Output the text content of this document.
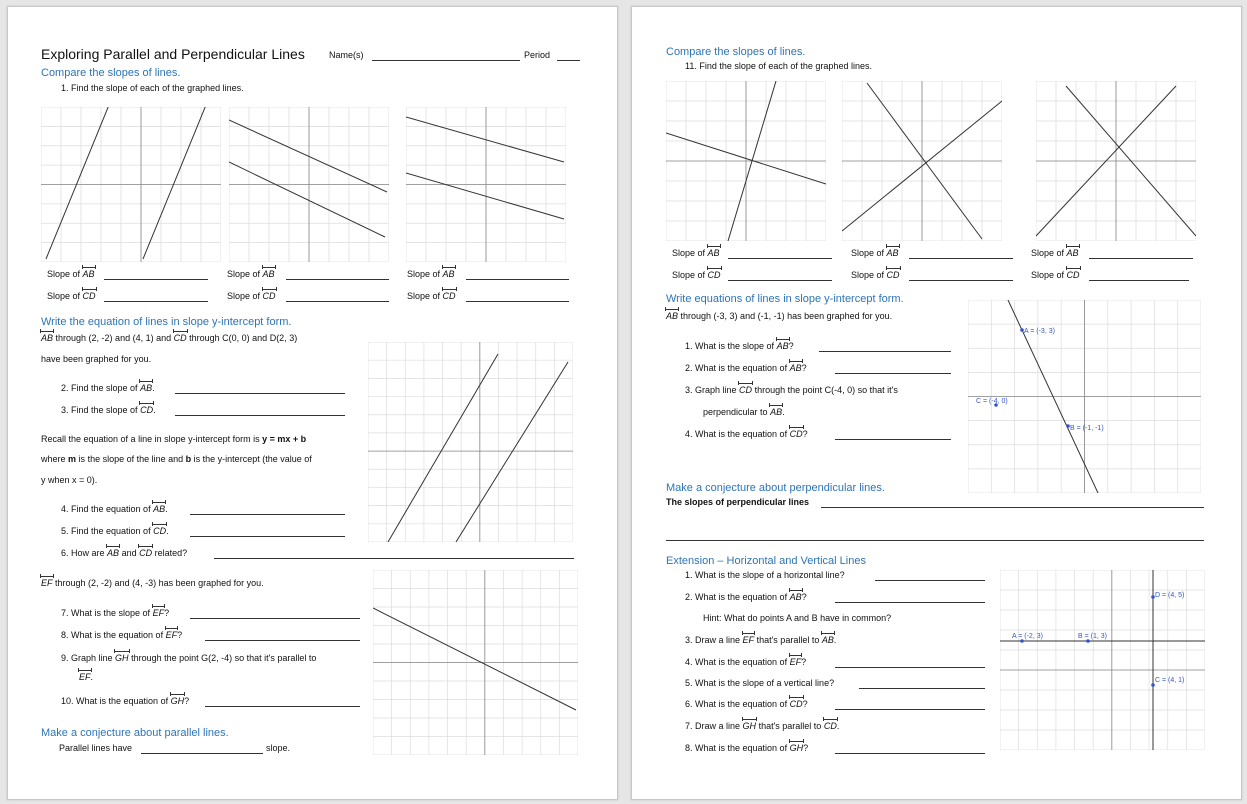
Exploring Parallel and Perpendicular Lines	Name(s)	Period
Compare the slopes of lines.
1. Find the slope of each of the graphed lines.
Slope of AB
Slope of CD
Slope of AB
Slope of CD
Slope of AB
Slope of CD
Write the equation of lines in slope y-intercept form.
AB through (2, -2) and (4, 1) and CD through C(0, 0) and D(2, 3)
have been graphed for you.
2. Find the slope of AB.
3. Find the slope of CD.
Recall the equation of a line in slope y-intercept form is y = mx + b
where m is the slope of the line and b is the y-intercept (the value of
y when x = 0).
4. Find the equation of AB.
5. Find the equation of CD.
6. How are AB and CD related?
EF through (2, -2) and (4, -3) has been graphed for you.
7. What is the slope of EF?
8. What is the equation of EF?
9. Graph line GH through the point G(2, -4) so that it's parallel to
EF.
10. What is the equation of GH?
Make a conjecture about parallel lines.
Parallel lines have	slope.
Compare the slopes of lines.
11. Find the slope of each of the graphed lines.
Slope of AB
Slope of CD
Slope of AB
Slope of CD
Slope of AB
Slope of CD
Write equations of lines in slope y-intercept form.
AB through (-3, 3) and (-1, -1) has been graphed for you.
1. What is the slope of AB?
2. What is the equation of AB?
3. Graph line CD through the point C(-4, 0) so that it's
perpendicular to AB.
4. What is the equation of CD?
A = (-3, 3)
C = (-4, 0)
B = (-1, -1)
Make a conjecture about perpendicular lines.
The slopes of perpendicular lines
Extension – Horizontal and Vertical Lines
1. What is the slope of a horizontal line?
2. What is the equation of AB?
Hint: What do points A and B have in common?
3. Draw a line EF that's parallel to AB.
4. What is the equation of EF?
5. What is the slope of a vertical line?
6. What is the equation of CD?
7. Draw a line GH that's parallel to CD.
8. What is the equation of GH?
A = (-2, 3)	B = (1, 3)
D = (4, 5)
C = (4, 1)
